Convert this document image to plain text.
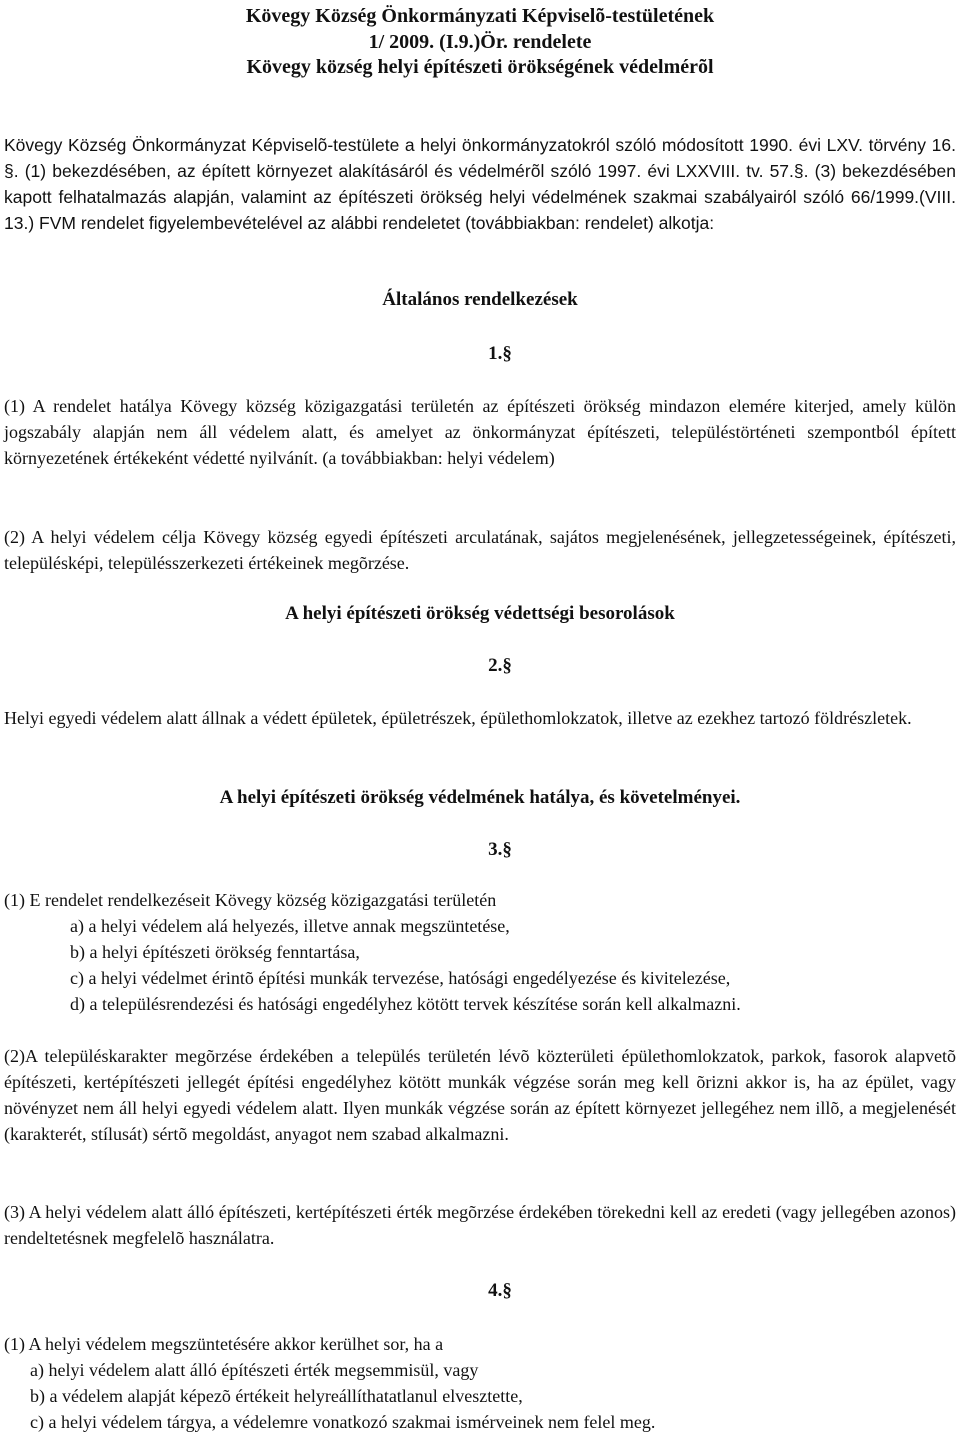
Kövegy Község Önkormányzati Képviselõ-testületének
1/ 2009. (I.9.)Ör. rendelete
Kövegy község helyi építészeti örökségének védelmérõl
Kövegy Község Önkormányzat Képviselõ-testülete a helyi önkormányzatokról szóló módosított 1990. évi LXV. törvény 16. §. (1) bekezdésében, az épített környezet alakításáról és védelmérõl szóló 1997. évi LXXVIII. tv. 57.§. (3) bekezdésében kapott felhatalmazás alapján, valamint az építészeti örökség helyi védelmének szakmai szabályairól szóló 66/1999.(VIII. 13.) FVM rendelet figyelembevételével az alábbi rendeletet (továbbiakban: rendelet) alkotja:
Általános rendelkezések
1.§
(1) A rendelet hatálya Kövegy község közigazgatási területén az építészeti örökség mindazon elemére kiterjed, amely külön jogszabály alapján nem áll védelem alatt, és amelyet az önkormányzat építészeti, településtörténeti szempontból épített környezetének értékeként védetté nyilvánít. (a továbbiakban: helyi védelem)
(2) A helyi védelem célja Kövegy község egyedi építészeti arculatának, sajátos megjelenésének, jellegzetességeinek, építészeti, településképi, településszerkezeti értékeinek megõrzése.
A helyi építészeti örökség védettségi besorolások
2.§
Helyi egyedi védelem alatt állnak a védett épületek, épületrészek, épülethomlokzatok, illetve az ezekhez tartozó földrészletek.
A helyi építészeti örökség védelmének hatálya, és követelményei.
3.§
(1) E rendelet rendelkezéseit Kövegy község közigazgatási területén
a) a helyi védelem alá helyezés, illetve annak megszüntetése,
b) a helyi építészeti örökség fenntartása,
c) a helyi védelmet érintõ építési munkák tervezése, hatósági engedélyezése és kivitelezése,
d) a településrendezési és hatósági engedélyhez kötött tervek készítése során kell alkalmazni.
(2)A településkarakter megõrzése érdekében a település területén lévõ közterületi épülethomlokzatok, parkok, fasorok alapvetõ építészeti, kertépítészeti jellegét építési engedélyhez kötött munkák végzése során meg kell õrizni akkor is, ha az épület, vagy növényzet nem áll helyi egyedi védelem alatt. Ilyen munkák végzése során az épített környezet jellegéhez nem illõ, a megjelenését (karakterét, stílusát) sértõ megoldást, anyagot nem szabad alkalmazni.
(3) A helyi védelem alatt álló építészeti, kertépítészeti érték megõrzése érdekében törekedni kell az eredeti (vagy jellegében azonos) rendeltetésnek megfelelõ használatra.
4.§
(1) A helyi védelem megszüntetésére akkor kerülhet sor, ha a
a) helyi védelem alatt álló építészeti érték megsemmisül, vagy
b) a védelem alapját képezõ értékeit helyreállíthatatlanul elvesztette,
c) a helyi védelem tárgya, a védelemre vonatkozó szakmai ismérveinek nem felel meg.
